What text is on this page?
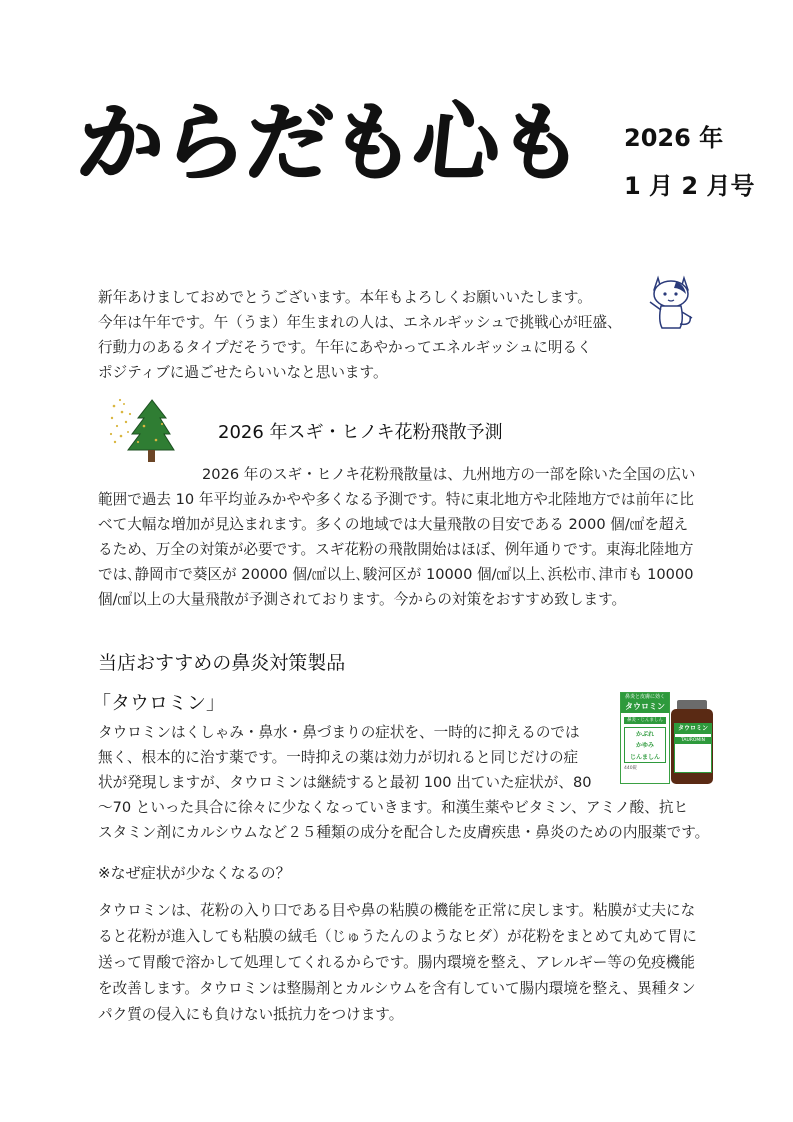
からだも心も 2026 年
1 月 2 月号

新年あけましておめでとうございます。本年もよろしくお願いいたします。

今年は午年です。午（うま）年生まれの人は、エネルギッシュで挑戦心が旺盛、

行動力のあるタイプだそうです。午年にあやかってエネルギッシュに明るく

ポジティブに過ごせたらいいなと思います。

2026 年スギ・ヒノキ花粉飛散予測

2026 年のスギ・ヒノキ花粉飛散量は、九州地方の一部を除いた全国の広い

範囲で過去 10 年平均並みかやや多くなる予測です。特に東北地方や北陸地方では前年に比

べて大幅な増加が見込まれます。多くの地域では大量飛散の目安である 2000 個/㎠を超え

るため、万全の対策が必要です。スギ花粉の飛散開始はほぼ、例年通りです。東海北陸地方

では､静岡市で葵区が 20000 個/㎠以上､駿河区が 10000 個/㎠以上､浜松市､津市も 10000

個/㎠以上の大量飛散が予測されております。今からの対策をおすすめ致します。

当店おすすめの鼻炎対策製品
「タウロミン」	鼻炎と皮膚に効く
タウロミン
鼻炎・じんましん
かぶれ
かゆみ
じんましん
440錠
タウロミン
TAUROMIN

タウロミンはくしゃみ・鼻水・鼻づまりの症状を、一時的に抑えるのでは

無く、根本的に治す薬です。一時抑えの薬は効力が切れると同じだけの症

状が発現しますが、タウロミンは継続すると最初 100 出ていた症状が、80

～70 といった具合に徐々に少なくなっていきます。和漢生薬やビタミン、アミノ酸、抗ヒ

スタミン剤にカルシウムなど２５種類の成分を配合した皮膚疾患・鼻炎のための内服薬です。

※なぜ症状が少なくなるの？

タウロミンは、花粉の入り口である目や鼻の粘膜の機能を正常に戻します。粘膜が丈夫にな

ると花粉が進入しても粘膜の絨毛（じゅうたんのようなヒダ）が花粉をまとめて丸めて胃に

送って胃酸で溶かして処理してくれるからです。腸内環境を整え、アレルギー等の免疫機能

を改善します。タウロミンは整腸剤とカルシウムを含有していて腸内環境を整え、異種タン

パク質の侵入にも負けない抵抗力をつけます。
